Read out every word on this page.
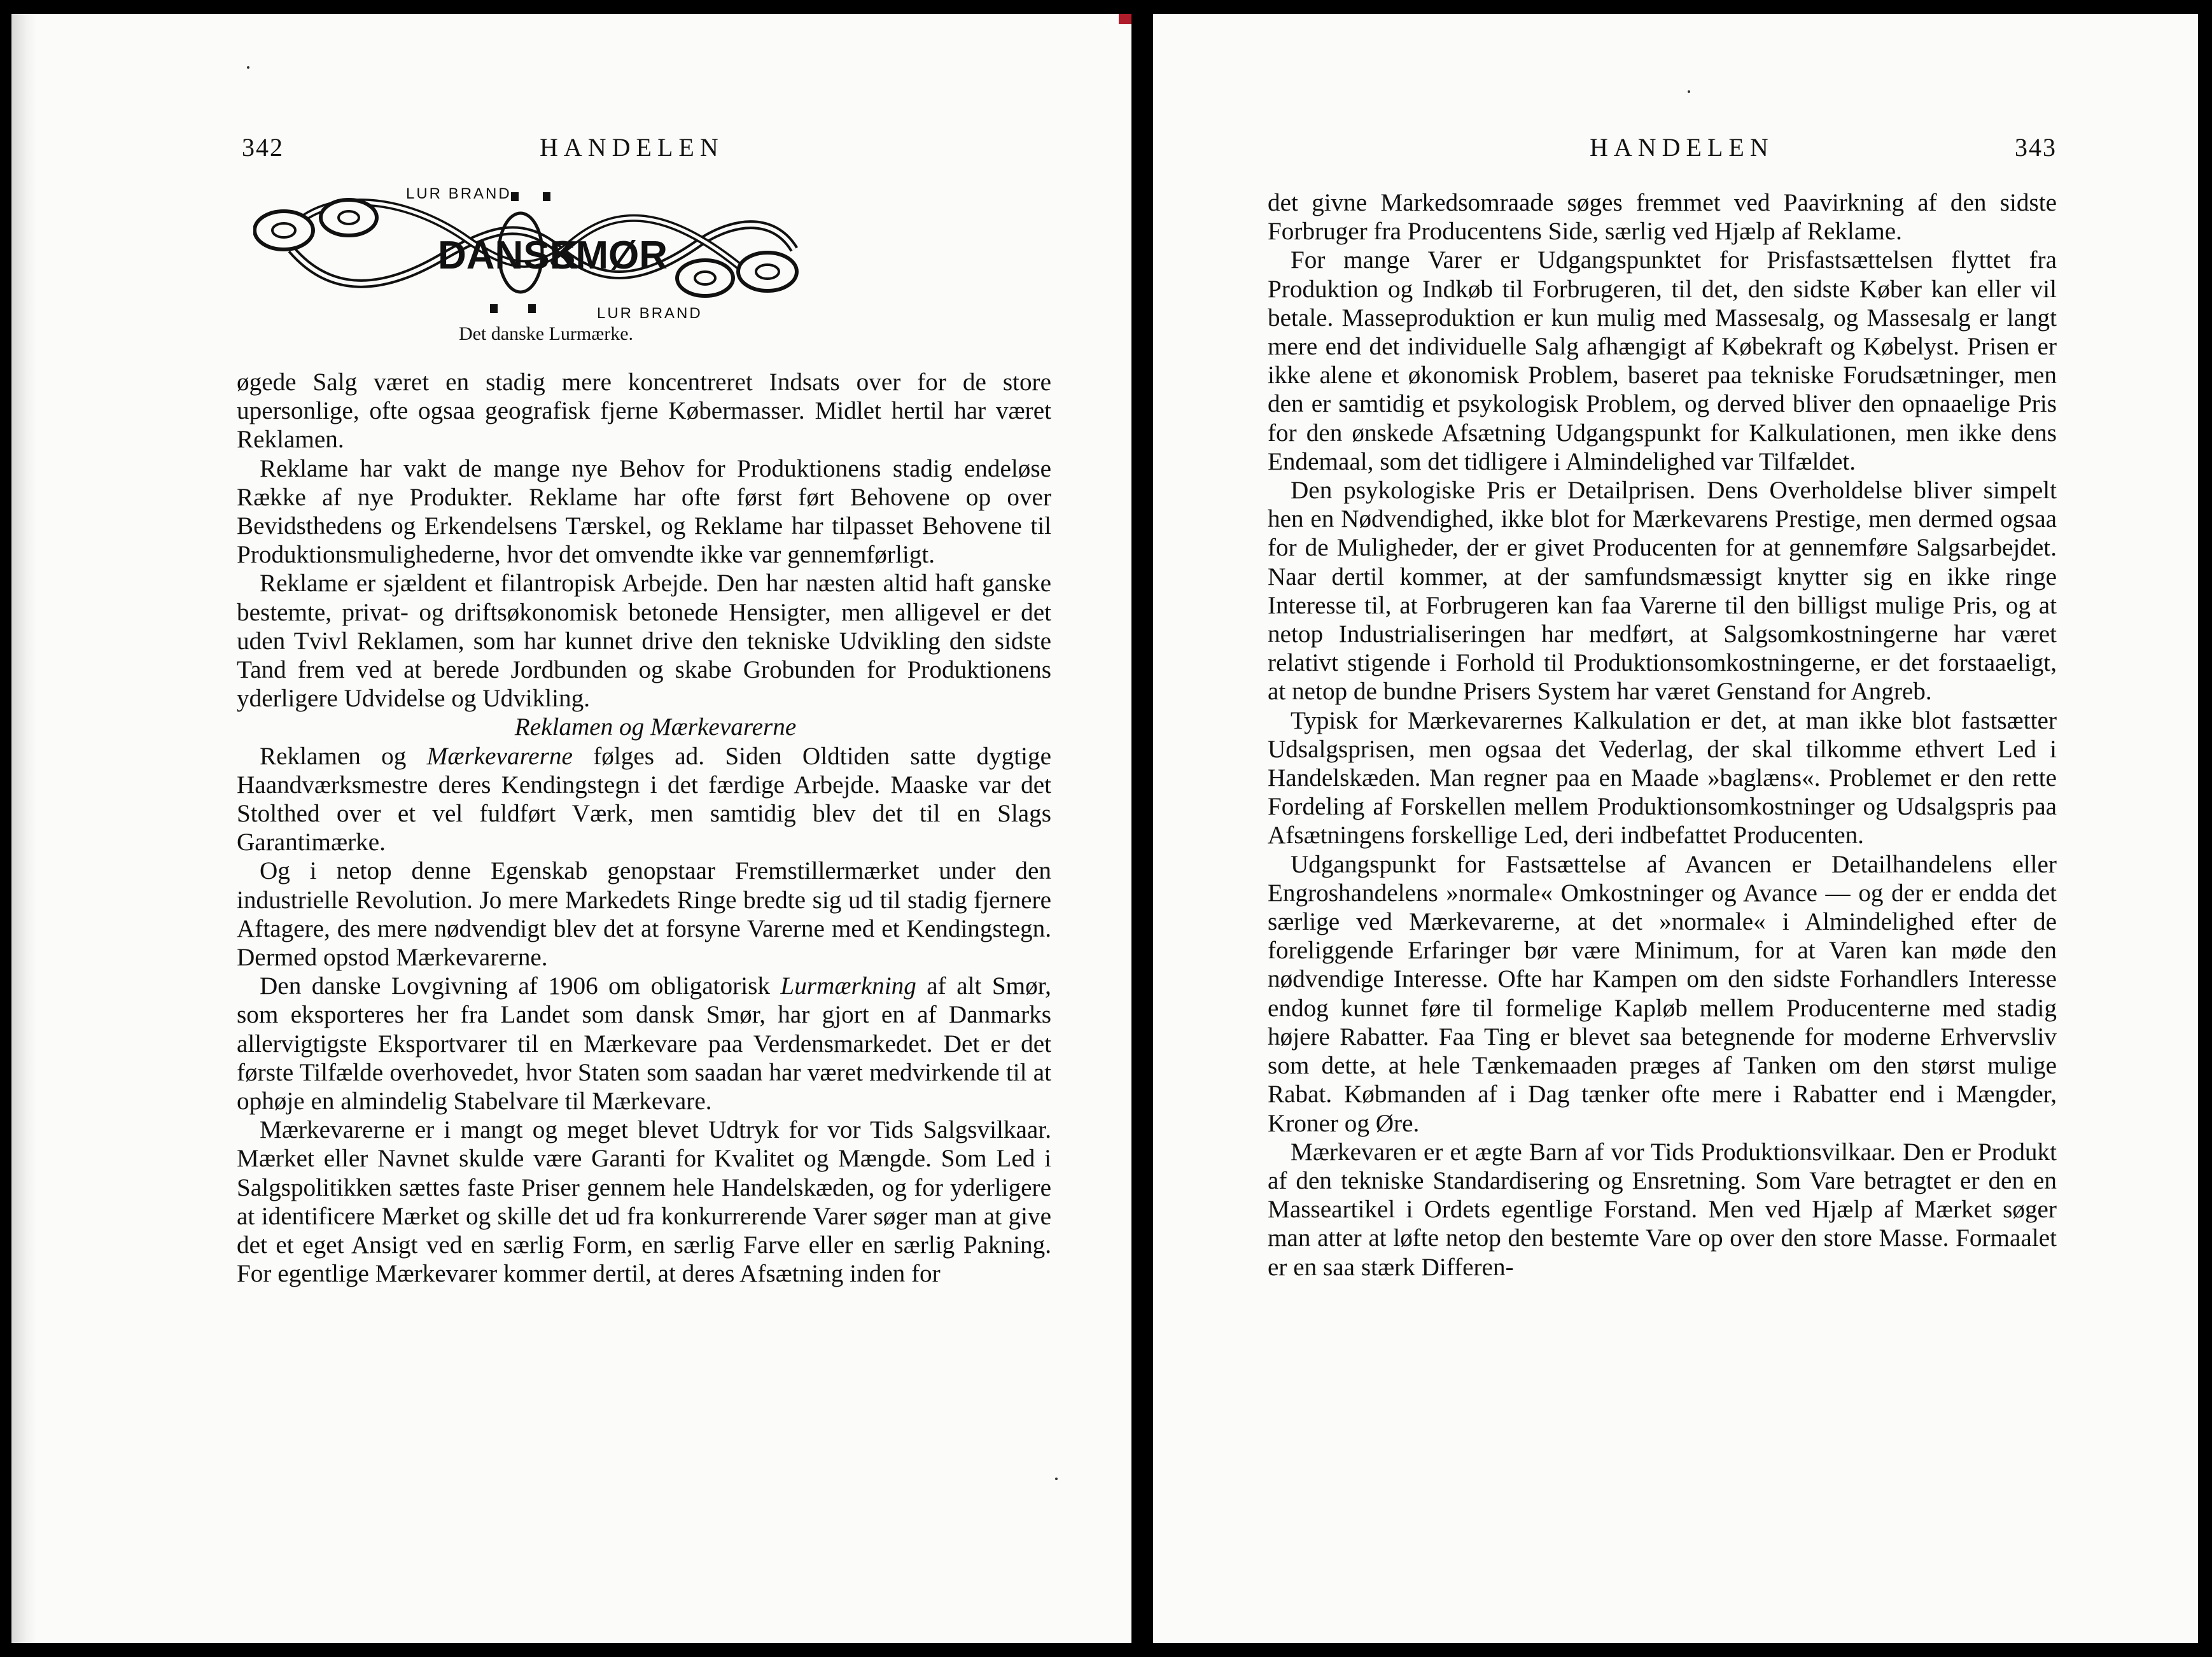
342	HANDELEN
DANSK
SMØR
LUR BRAND
LUR BRAND
Det danske Lurmærke.

øgede Salg været en stadig mere koncentreret Indsats over for de store upersonlige, ofte ogsaa geografisk fjerne Købermasser. Midlet hertil har været Reklamen.

Reklame har vakt de mange nye Behov for Produktionens stadig endeløse Række af nye Produkter. Reklame har ofte først ført Behovene op over Bevidsthedens og Erkendelsens Tærskel, og Reklame har tilpasset Behovene til Produktionsmulighederne, hvor det omvendte ikke var gennemførligt.

Reklame er sjældent et filantropisk Arbejde. Den har næsten altid haft ganske bestemte, privat- og driftsøkonomisk betonede Hensigter, men alligevel er det uden Tvivl Reklamen, som har kunnet drive den tekniske Udvikling den sidste Tand frem ved at berede Jordbunden og skabe Grobunden for Produktionens yderligere Udvidelse og Udvikling.

Reklamen og Mærkevarerne

Reklamen og Mærkevarerne følges ad. Siden Oldtiden satte dygtige Haandværksmestre deres Kendingstegn i det færdige Arbejde. Maaske var det Stolthed over et vel fuldført Værk, men samtidig blev det til en Slags Garantimærke.

Og i netop denne Egenskab genopstaar Fremstillermærket under den industrielle Revolution. Jo mere Markedets Ringe bredte sig ud til stadig fjernere Aftagere, des mere nødvendigt blev det at forsyne Varerne med et Kendingstegn. Dermed opstod Mærkevarerne.

Den danske Lovgivning af 1906 om obligatorisk Lurmærkning af alt Smør, som eksporteres her fra Landet som dansk Smør, har gjort en af Danmarks allervigtigste Eksportvarer til en Mærkevare paa Verdensmarkedet. Det er det første Tilfælde overhovedet, hvor Staten som saadan har været medvirkende til at ophøje en almindelig Stabelvare til Mærkevare.

Mærkevarerne er i mangt og meget blevet Udtryk for vor Tids Salgsvilkaar. Mærket eller Navnet skulde være Garanti for Kvalitet og Mængde. Som Led i Salgspolitikken sættes faste Priser gennem hele Handelskæden, og for yderligere at identificere Mærket og skille det ud fra konkurrerende Varer søger man at give det et eget Ansigt ved en særlig Form, en særlig Farve eller en særlig Pakning. For egentlige Mærkevarer kommer dertil, at deres Afsætning inden for

HANDELEN	343

det givne Markedsomraade søges fremmet ved Paavirkning af den sidste Forbruger fra Producentens Side, særlig ved Hjælp af Reklame.

For mange Varer er Udgangspunktet for Prisfastsættelsen flyttet fra Produktion og Indkøb til Forbrugeren, til det, den sidste Køber kan eller vil betale. Masseproduktion er kun mulig med Massesalg, og Massesalg er langt mere end det individuelle Salg afhængigt af Købekraft og Købelyst. Prisen er ikke alene et økonomisk Problem, baseret paa tekniske Forudsætninger, men den er samtidig et psykologisk Problem, og derved bliver den opnaaelige Pris for den ønskede Afsætning Udgangspunkt for Kalkulationen, men ikke dens Endemaal, som det tidligere i Almindelighed var Tilfældet.

Den psykologiske Pris er Detailprisen. Dens Overholdelse bliver simpelt hen en Nødvendighed, ikke blot for Mærkevarens Prestige, men dermed ogsaa for de Muligheder, der er givet Producenten for at gennemføre Salgsarbejdet. Naar dertil kommer, at der samfundsmæssigt knytter sig en ikke ringe Interesse til, at Forbrugeren kan faa Varerne til den billigst mulige Pris, og at netop Industrialiseringen har medført, at Salgsomkostningerne har været relativt stigende i Forhold til Produktionsomkostningerne, er det forstaaeligt, at netop de bundne Prisers System har været Genstand for Angreb.

Typisk for Mærkevarernes Kalkulation er det, at man ikke blot fastsætter Udsalgsprisen, men ogsaa det Vederlag, der skal tilkomme ethvert Led i Handelskæden. Man regner paa en Maade »baglæns«. Problemet er den rette Fordeling af Forskellen mellem Produktionsomkostninger og Udsalgspris paa Afsætningens forskellige Led, deri indbefattet Producenten.

Udgangspunkt for Fastsættelse af Avancen er Detailhandelens eller Engroshandelens »normale« Omkostninger og Avance — og der er endda det særlige ved Mærkevarerne, at det »normale« i Almindelighed efter de foreliggende Erfaringer bør være Minimum, for at Varen kan møde den nødvendige Interesse. Ofte har Kampen om den sidste Forhandlers Interesse endog kunnet føre til formelige Kapløb mellem Producenterne med stadig højere Rabatter. Faa Ting er blevet saa betegnende for moderne Erhvervsliv som dette, at hele Tænkemaaden præges af Tanken om den størst mulige Rabat. Købmanden af i Dag tænker ofte mere i Rabatter end i Mængder, Kroner og Øre.

Mærkevaren er et ægte Barn af vor Tids Produktionsvilkaar. Den er Produkt af den tekniske Standardisering og Ensretning. Som Vare betragtet er den en Masseartikel i Ordets egentlige Forstand. Men ved Hjælp af Mærket søger man atter at løfte netop den bestemte Vare op over den store Masse. Formaalet er en saa stærk Differen-
